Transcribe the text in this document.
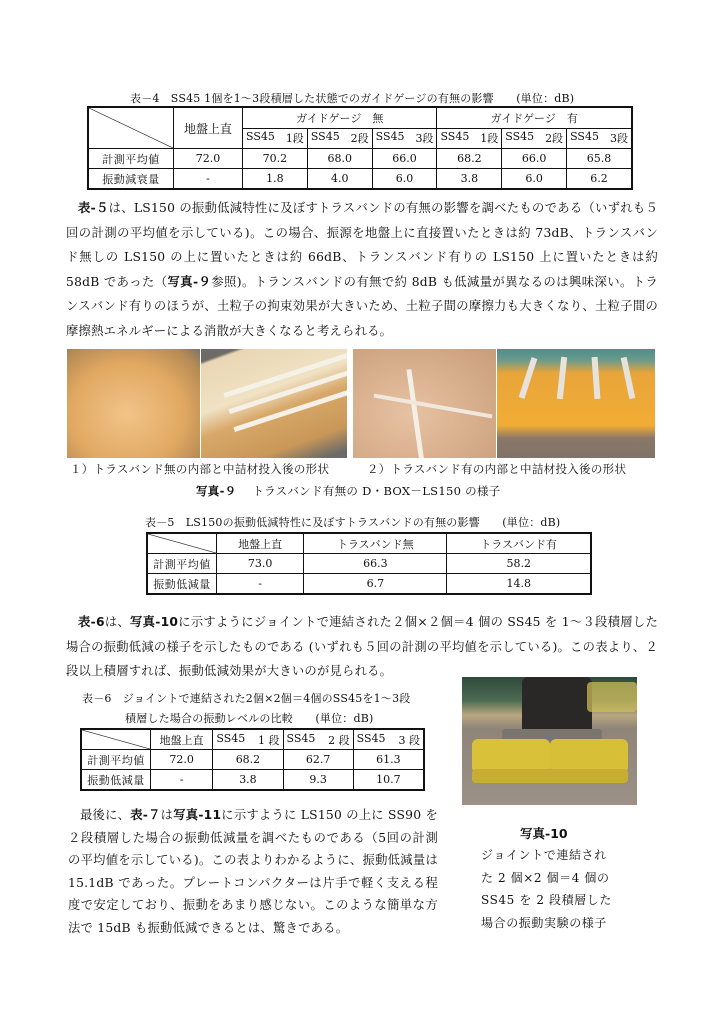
表－4　SS45 1個を1～3段積層した状態でのガイドゲージの有無の影響　　(単位：dB)
	地盤上直	ガイドゲージ　無			ガイドゲージ　有		

		SS45 1段	SS45 2段	SS45 3段	SS45 1段	SS45 2段	SS45 3段

計測平均値	72.0	70.2	68.0	66.0	68.2	66.0	65.8
振動減衰量	-	1.8	4.0	6.0	3.8	6.0	6.2
表-５は、LS150 の振動低減特性に及ぼすトラスバンドの有無の影響を調べたものである（いずれも５回の計測の平均値を示している)。この場合、振源を地盤上に直接置いたときは約 73dB、トランスバンド無しの LS150 の上に置いたときは約 66dB、トランスバンド有りの LS150 上に置いたときは約 58dB であった（写真-９参照)。トランスバンドの有無で約 8dB も低減量が異なるのは興味深い。トランスバンド有りのほうが、土粒子の拘束効果が大きいため、土粒子間の摩擦力も大きくなり、土粒子間の摩擦熱エネルギーによる消散が大きくなると考えられる。
１）トラスバンド無の内部と中詰材投入後の形状	２）トラスバンド有の内部と中詰材投入後の形状
写真-９ トラスバンド有無の D・BOX－LS150 の様子
表－5　LS150の振動低減特性に及ぼすトラスバンドの有無の影響　　(単位：dB)
	地盤上直	トラスバンド無	トラスバンド有
計測平均値	73.0	66.3	58.2
振動低減量	-	6.7	14.8
表-6は、写真-10に示すようにジョイントで連結された２個×２個＝4 個の SS45 を 1～３段積層した場合の振動低減の様子を示したものである (いずれも５回の計測の平均値を示している)。この表より、２段以上積層すれば、振動低減効果が大きいのが見られる。
表－6　ジョイントで連結された2個×2個＝4個のSS45を1～3段
積層した場合の振動レベルの比較　　(単位：dB)
	地盤上直	SS45 1 段	SS45 2 段	SS45 3 段

計測平均値	72.0	68.2	62.7	61.3
振動低減量	-	3.8	9.3	10.7
最後に、表-７は写真-11に示すように LS150 の上に SS90 を２段積層した場合の振動低減量を調べたものである（5回の計測の平均値を示している)。この表よりわかるように、振動低減量は 15.1dB であった。プレートコンパクターは片手で軽く支える程度で安定しており、振動をあまり感じない。このような簡単な方法で 15dB も振動低減できるとは、驚きである。
写真-10
ジョイントで連結され
た 2 個×2 個＝4 個の
SS45 を 2 段積層した
場合の振動実験の様子
